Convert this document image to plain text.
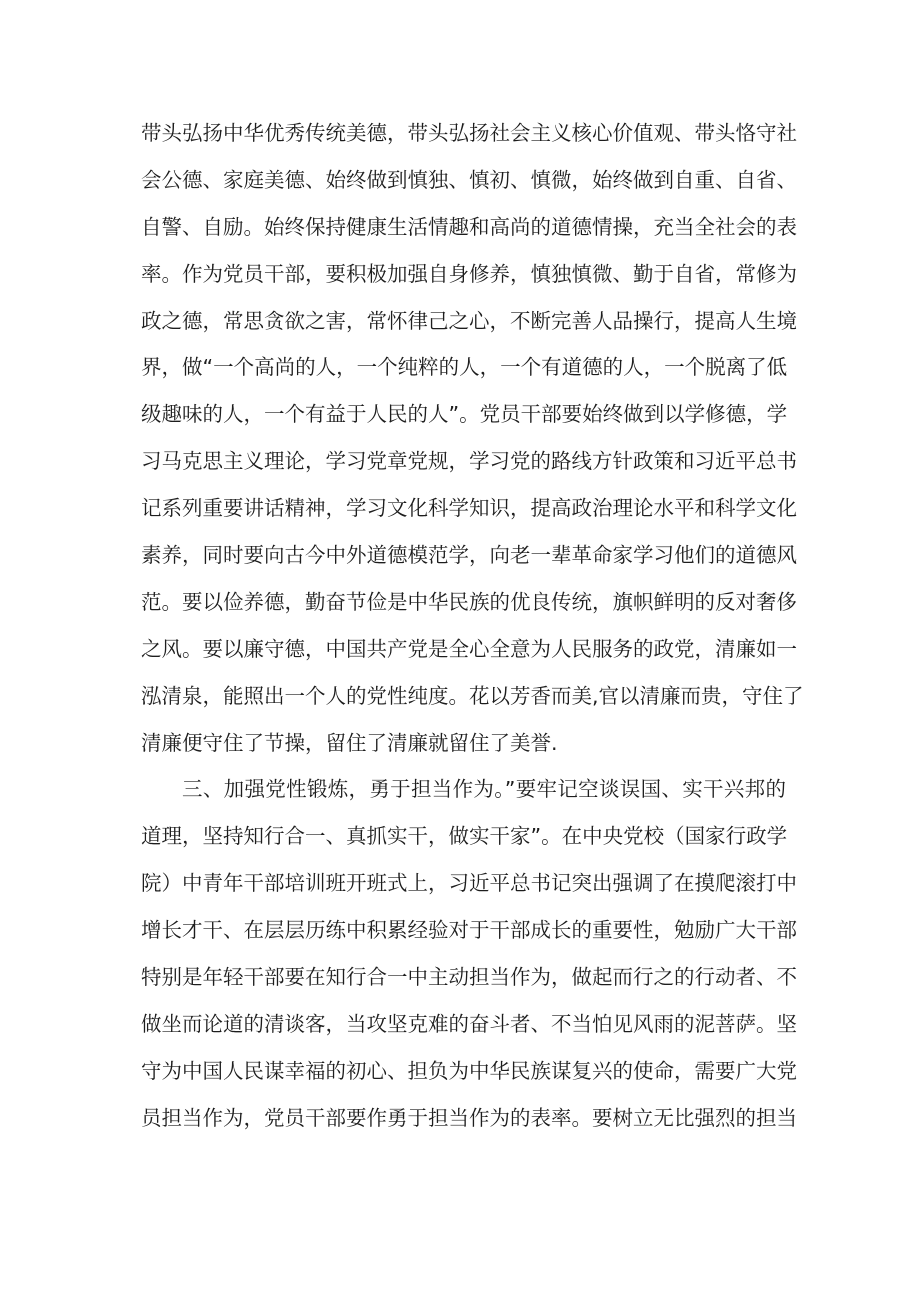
带头弘扬中华优秀传统美德，带头弘扬社会主义核心价值观、带头恪守社
会公德、家庭美德、始终做到慎独、慎初、慎微，始终做到自重、自省、
自警、自励。始终保持健康生活情趣和高尚的道德情操，充当全社会的表
率。作为党员干部，要积极加强自身修养，慎独慎微、勤于自省，常修为
政之德，常思贪欲之害，常怀律己之心，不断完善人品操行，提高人生境
界，做“一个高尚的人，一个纯粹的人，一个有道德的人，一个脱离了低
级趣味的人，一个有益于人民的人”。党员干部要始终做到以学修德，学
习马克思主义理论，学习党章党规，学习党的路线方针政策和习近平总书
记系列重要讲话精神，学习文化科学知识，提高政治理论水平和科学文化
素养，同时要向古今中外道德模范学，向老一辈革命家学习他们的道德风
范。要以俭养德，勤奋节俭是中华民族的优良传统，旗帜鲜明的反对奢侈
之风。要以廉守德，中国共产党是全心全意为人民服务的政党，清廉如一
泓清泉，能照出一个人的党性纯度。花以芳香而美,官以清廉而贵，守住了
清廉便守住了节操，留住了清廉就留住了美誉.
三、加强党性锻炼，勇于担当作为。”要牢记空谈误国、实干兴邦的
道理，坚持知行合一、真抓实干，做实干家”。在中央党校（国家行政学
院）中青年干部培训班开班式上，习近平总书记突出强调了在摸爬滚打中
增长才干、在层层历练中积累经验对于干部成长的重要性，勉励广大干部
特别是年轻干部要在知行合一中主动担当作为，做起而行之的行动者、不
做坐而论道的清谈客，当攻坚克难的奋斗者、不当怕见风雨的泥菩萨。坚
守为中国人民谋幸福的初心、担负为中华民族谋复兴的使命，需要广大党
员担当作为，党员干部要作勇于担当作为的表率。要树立无比强烈的担当
